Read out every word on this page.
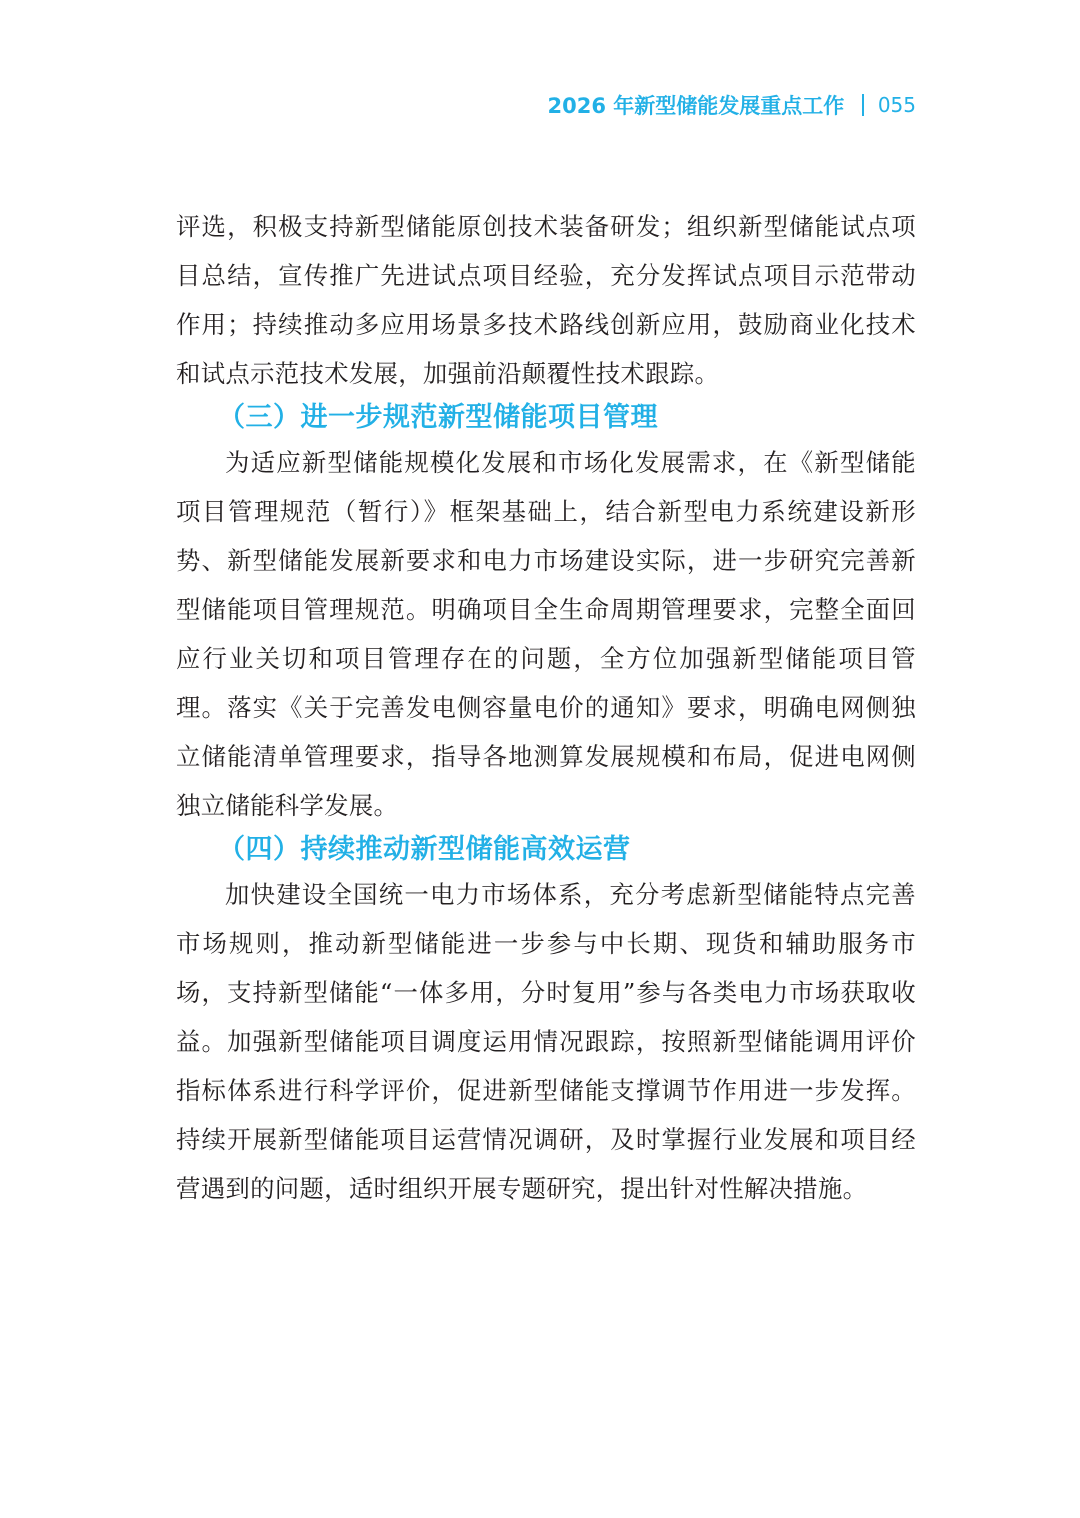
2026 年新型储能发展重点工作 055

评选，积极支持新型储能原创技术装备研发；组织新型储能试点项目总结，宣传推广先进试点项目经验，充分发挥试点项目示范带动作用；持续推动多应用场景多技术路线创新应用，鼓励商业化技术和试点示范技术发展，加强前沿颠覆性技术跟踪。

（三）进一步规范新型储能项目管理

为适应新型储能规模化发展和市场化发展需求，在《新型储能项目管理规范（暂行）》框架基础上，结合新型电力系统建设新形势、新型储能发展新要求和电力市场建设实际，进一步研究完善新型储能项目管理规范。明确项目全生命周期管理要求，完整全面回应行业关切和项目管理存在的问题，全方位加强新型储能项目管理。落实《关于完善发电侧容量电价的通知》要求，明确电网侧独立储能清单管理要求，指导各地测算发展规模和布局，促进电网侧独立储能科学发展。

（四）持续推动新型储能高效运营

加快建设全国统一电力市场体系，充分考虑新型储能特点完善市场规则，推动新型储能进一步参与中长期、现货和辅助服务市场，支持新型储能“一体多用，分时复用”参与各类电力市场获取收益。加强新型储能项目调度运用情况跟踪，按照新型储能调用评价指标体系进行科学评价，促进新型储能支撑调节作用进一步发挥。持续开展新型储能项目运营情况调研，及时掌握行业发展和项目经营遇到的问题，适时组织开展专题研究，提出针对性解决措施。
